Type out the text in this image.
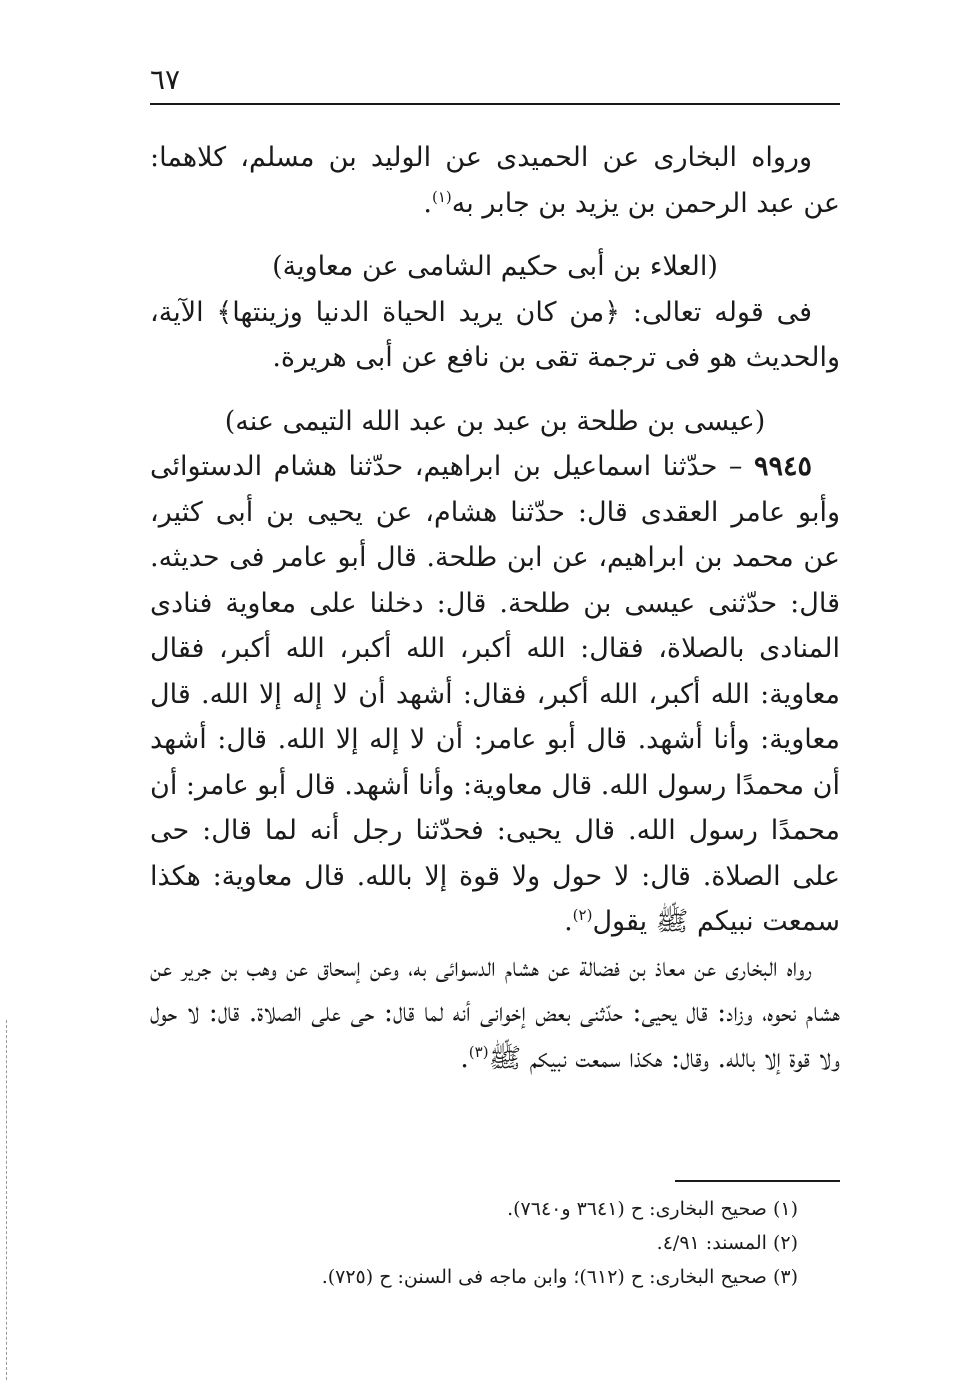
٦٧

ورواه البخارى عن الحميدى عن الوليد بن مسلم، كلاهما: عن عبد الرحمن بن يزيد بن جابر به$^{(١)}$.

(العلاء بن أبى حكيم الشامى عن معاوية)

فى قوله تعالى: ﴿من كان يريد الحياة الدنيا وزينتها﴾ الآية، والحديث هو فى ترجمة تقى بن نافع عن أبى هريرة.

(عيسى بن طلحة بن عبد بن عبد الله التيمى عنه)

٩٩٤٥ – حدّثنا اسماعيل بن ابراهيم، حدّثنا هشام الدستوائى وأبو عامر العقدى قال: حدّثنا هشام، عن يحيى بن أبى كثير، عن محمد بن ابراهيم، عن ابن طلحة. قال أبو عامر فى حديثه. قال: حدّثنى عيسى بن طلحة. قال: دخلنا على معاوية فنادى المنادى بالصلاة، فقال: الله أكبر، الله أكبر، الله أكبر، فقال معاوية: الله أكبر، الله أكبر، فقال: أشهد أن لا إله إلا الله. قال معاوية: وأنا أشهد. قال أبو عامر: أن لا إله إلا الله. قال: أشهد أن محمدًا رسول الله. قال معاوية: وأنا أشهد. قال أبو عامر: أن محمدًا رسول الله. قال يحيى: فحدّثنا رجل أنه لما قال: حى على الصلاة. قال: لا حول ولا قوة إلا بالله. قال معاوية: هكذا سمعت نبيكم ﷺ يقول$^{(٢)}$.

رواه البخارى عن معاذ بن فضالة عن هشام الدسوائى به، وعن إسحاق عن وهب بن جرير عن هشام نحوه، وزاد: قال يحيى: حدّثنى بعض إخوانى أنه لما قال: حى على الصلاة. قال: لا حول ولا قوة إلا بالله. وقال: هكذا سمعت نبيكم ﷺ$^{(٣)}$.

(١) صحيح البخارى: ح (٣٦٤١ و٧٦٤٠).

(٢) المسند: ٤/٩١.

(٣) صحيح البخارى: ح (٦١٢)؛ وابن ماجه فى السنن: ح (٧٢٥).
